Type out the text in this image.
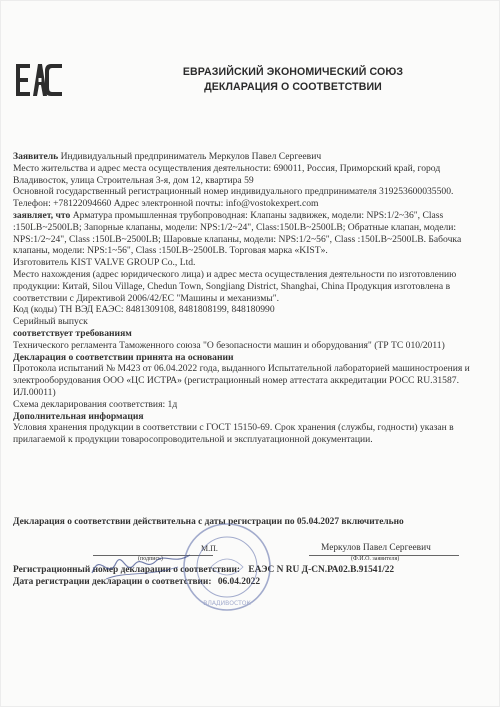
ЕВРАЗИЙСКИЙ ЭКОНОМИЧЕСКИЙ СОЮЗ
ДЕКЛАРАЦИЯ О СООТВЕТСТВИИ
Заявитель Индивидуальный предприниматель Меркулов Павел Сергеевич
Место жительства и адрес места осуществления деятельности: 690011, Россия, Приморский край, город
Владивосток, улица Строительная 3-я, дом 12, квартира 59
Основной государственный регистрационный номер индивидуального предпринимателя 319253600035500.
Телефон: +78122094660 Адрес электронной почты: info@vostokexpert.com
заявляет, что Арматура промышленная трубопроводная: Клапаны задвижек, модели: NPS:1/2~36", Class
:150LB~2500LB; Запорные клапаны, модели: NPS:1/2~24", Class:150LB~2500LB; Обратные клапан, модели:
NPS:1/2~24", Class :150LB~2500LB; Шаровые клапаны, модели: NPS:1/2~56", Class :150LB~2500LB. Бабочка
клапаны, модели: NPS:1~56", Class :150LB~2500LB. Торговая марка «KIST».
Изготовитель KIST VALVE GROUP Co., Ltd.
Место нахождения (адрес юридического лица) и адрес места осуществления деятельности по изготовлению
продукции: Китай, Silou Village, Chedun Town, Songjiang District, Shanghai, China Продукция изготовлена в
соответствии с Директивой 2006/42/ЕС "Машины и механизмы".
Код (коды) ТН ВЭД ЕАЭС: 8481309108, 8481808199, 848180990
Серийный выпуск
соответствует требованиям
Технического регламента Таможенного союза "О безопасности машин и оборудования" (ТР ТС 010/2011)
Декларация о соответствии принята на основании
Протокола испытаний № М423 от 06.04.2022 года, выданного Испытательной лабораторией машиностроения и
электрооборудования ООО «ЦС ИСТРА» (регистрационный номер аттестата аккредитации РОСС RU.31587.
ИЛ.00011)
Схема декларирования соответствия: 1д
Дополнительная информация
Условия хранения продукции в соответствии с ГОСТ 15150-69. Срок хранения (службы, годности) указан в
прилагаемой к продукции товаросопроводительной и эксплуатационной документации.
Декларация о соответствии действительна с даты регистрации по 05.04.2027 включительно
Меркулов Павел Сергеевич
М.П.
(подпись)	(Ф.И.О. заявителя)
Регистрационный номер декларации о соответствии: ЕАЭС N RU Д-CN.РА02.В.91541/22
Дата регистрации декларации о соответствии: 06.04.2022
ВЛАДИВОСТОК
